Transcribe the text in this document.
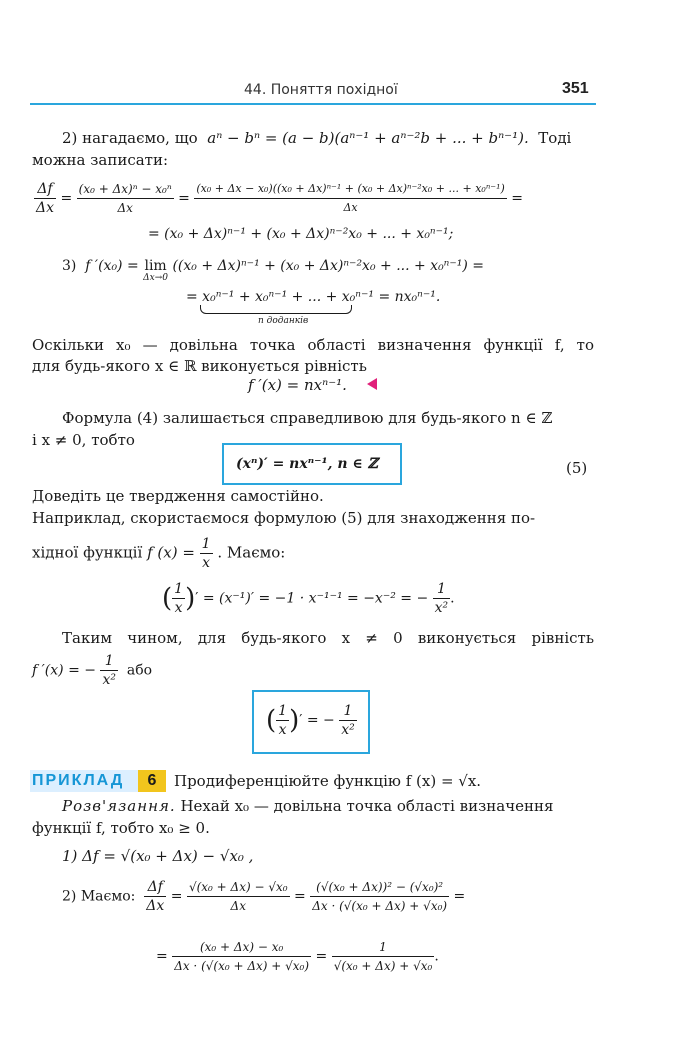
44. Поняття похідної	351
2) нагадаємо, що aⁿ − bⁿ = (a − b)(aⁿ⁻¹ + aⁿ⁻²b + ... + bⁿ⁻¹). Тоді
можна записати:
$\frac{\Delta f}{\Delta x} = \frac{\text{(x₀ + Δx)ⁿ − x₀ⁿ}}{\Delta x} = \frac{\text{(x₀ + Δx − x₀)((x₀ + Δx)ⁿ⁻¹ + (x₀ + Δx)ⁿ⁻²x₀ + ... + x₀ⁿ⁻¹)}}{\Delta x}$ =
= (x₀ + Δx)ⁿ⁻¹ + (x₀ + Δx)ⁿ⁻²x₀ + ... + x₀ⁿ⁻¹;
3) f ′(x₀) = lim
Δx→0
((x₀ + Δx)ⁿ⁻¹ + (x₀ + Δx)ⁿ⁻²x₀ + ... + x₀ⁿ⁻¹) =
= x₀ⁿ⁻¹ + x₀ⁿ⁻¹ + ... + x₀ⁿ⁻¹ = nx₀ⁿ⁻¹.
n доданків
Оскільки x₀ — довільна точка області визначення функції f, то
для будь-якого x ∈ ℝ виконується рівність
f ′(x) = nxⁿ⁻¹.
Формула (4) залишається справедливою для будь-якого n ∈ ℤ
і x ≠ 0, тобто
(xⁿ)′ = nxⁿ⁻¹, n ∈ ℤ	(5)
Доведіть це твердження самостійно.
Наприклад, скористаємося формулою (5) для знаходження по-
хідної функції f $(x) = \frac{1}{x}$ . Маємо:
( $\frac{1}{x}$ )′ = (x⁻¹)′ = −1 · x⁻¹⁻¹ = −x⁻² = − $\frac{1}{\text{x²}}$ .
Таким чином, для будь-якого x ≠ 0 виконується рівність
f ′(x) = − $\frac{1}{\text{x²}}$ або
( $\frac{1}{x}$ )′ = − $\frac{1}{\text{x²}}$
ПРИКЛАД	6	Продиференціюйте функцію f (x) = √x.
Розв'язання. Нехай x₀ — довільна точка області визначення
функції f, тобто x₀ ≥ 0.
1) Δf = √(x₀ + Δx) − √x₀ ,
2) Маємо: $\frac{\Delta f}{\Delta x} = \frac{\text{√(x₀ + Δx) − √x₀}}{\Delta x} = \frac{\text{(√(x₀ + Δx))² − (√x₀)²}}{\text{Δx · (√(x₀ + Δx) + √x₀)}}$ =
= $\frac{\text{(x₀ + Δx) − x₀}}{\text{Δx · (√(x₀ + Δx) + √x₀)}} = \frac{1}{\text{√(x₀ + Δx) + √x₀}}$ .
